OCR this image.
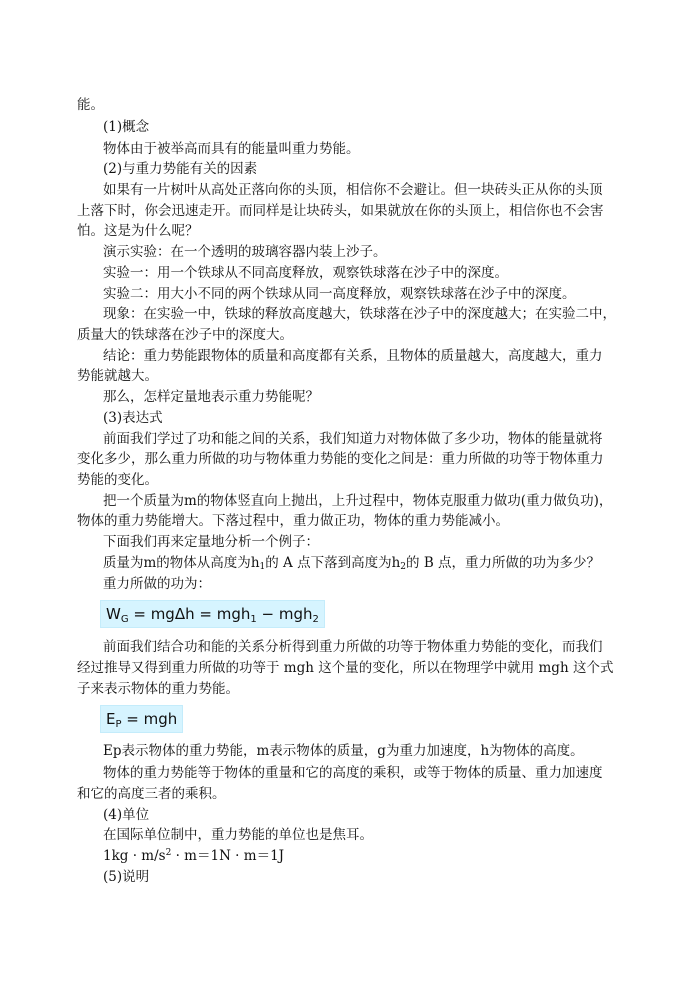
能。
(1)概念
物体由于被举高而具有的能量叫重力势能。
(2)与重力势能有关的因素
如果有一片树叶从高处正落向你的头顶，相信你不会避让。但一块砖头正从你的头顶
上落下时，你会迅速走开。而同样是让块砖头，如果就放在你的头顶上，相信你也不会害
怕。这是为什么呢？
演示实验：在一个透明的玻璃容器内装上沙子。
实验一：用一个铁球从不同高度释放，观察铁球落在沙子中的深度。
实验二：用大小不同的两个铁球从同一高度释放，观察铁球落在沙子中的深度。
现象：在实验一中，铁球的释放高度越大，铁球落在沙子中的深度越大；在实验二中，
质量大的铁球落在沙子中的深度大。
结论：重力势能跟物体的质量和高度都有关系，且物体的质量越大，高度越大，重力
势能就越大。
那么，怎样定量地表示重力势能呢？
(3)表达式
前面我们学过了功和能之间的关系，我们知道力对物体做了多少功，物体的能量就将
变化多少，那么重力所做的功与物体重力势能的变化之间是：重力所做的功等于物体重力
势能的变化。
把一个质量为m的物体竖直向上抛出，上升过程中，物体克服重力做功(重力做负功)，
物体的重力势能增大。下落过程中，重力做正功，物体的重力势能减小。
下面我们再来定量地分析一个例子：
质量为m的物体从高度为$h_1$的 A 点下落到高度为$h_2$的 B 点，重力所做的功为多少？
重力所做的功为：
$W_G = mg\Delta h = mgh_1 - mgh_2$
前面我们结合功和能的关系分析得到重力所做的功等于物体重力势能的变化，而我们
经过推导又得到重力所做的功等于 mgh 这个量的变化，所以在物理学中就用 mgh 这个式
子来表示物体的重力势能。
$E_P$ = mgh
Ep表示物体的重力势能，m表示物体的质量，g为重力加速度，h为物体的高度。
物体的重力势能等于物体的重量和它的高度的乘积，或等于物体的质量、重力加速度
和它的高度三者的乘积。
(4)单位
在国际单位制中，重力势能的单位也是焦耳。
$1kg \cdot m/s^2 \cdot m=1N \cdot m=1J$
(5)说明
